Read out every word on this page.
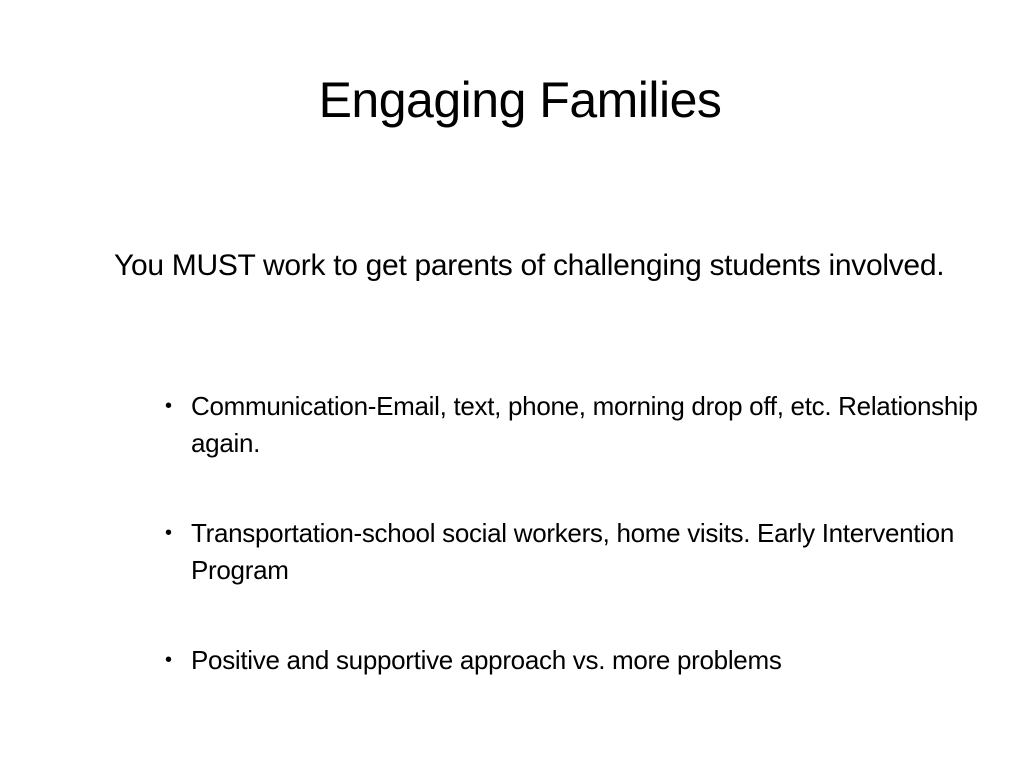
Engaging Families

You MUST work to get parents of challenging students involved.

• Communication-Email, text, phone, morning drop off, etc. Relationship again.
• Transportation-school social workers, home visits. Early Intervention Program
• Positive and supportive approach vs. more problems
